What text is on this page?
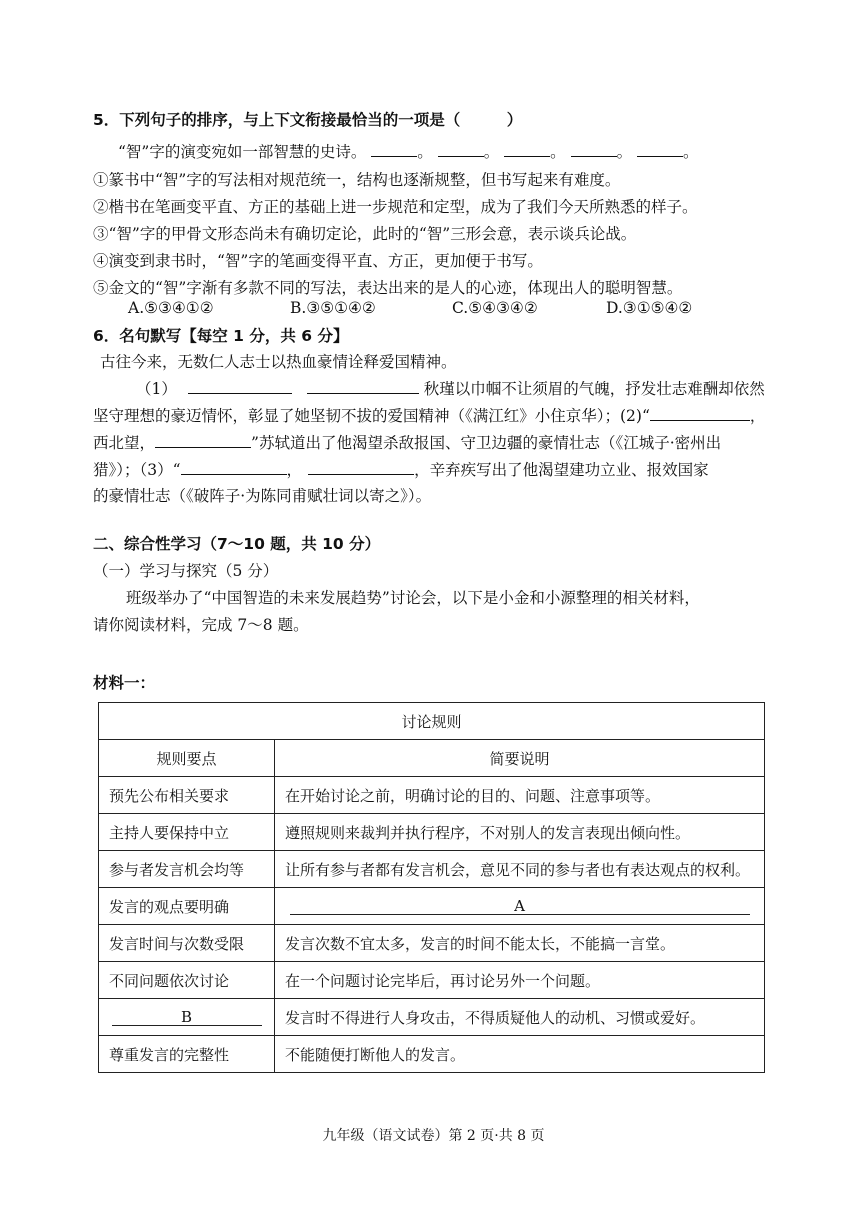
5．下列句子的排序，与上下文衔接最恰当的一项是（　　　）
“智”字的演变宛如一部智慧的史诗。	。	。	。	。	。
①篆书中“智”字的写法相对规范统一，结构也逐渐规整，但书写起来有难度。
②楷书在笔画变平直、方正的基础上进一步规范和定型，成为了我们今天所熟悉的样子。
③“智”字的甲骨文形态尚未有确切定论，此时的“智”三形会意，表示谈兵论战。
④演变到隶书时，“智”字的笔画变得平直、方正，更加便于书写。
⑤金文的“智”字渐有多款不同的写法，表达出来的是人的心迹，体现出人的聪明智慧。
A.⑤③④①②	B.③⑤①④②	C.⑤④③④②	D.③①⑤④②
6．名句默写【每空 1 分，共 6 分】
古往今来，无数仁人志士以热血豪情诠释爱国精神。
（1）	秋瑾以巾帼不让须眉的气魄，抒发壮志难酬却依然
坚守理想的豪迈情怀，彰显了她坚韧不拔的爱国精神（《满江红》小住京华）；(2)“	，
西北望，	”苏轼道出了他渴望杀敌报国、守卫边疆的豪情壮志（《江城子·密州出
猎》）；（3）“	，	，辛弃疾写出了他渴望建功立业、报效国家
的豪情壮志（《破阵子·为陈同甫赋壮词以寄之》）。
二、综合性学习（7～10 题，共 10 分）
（一）学习与探究（5 分）
班级举办了“中国智造的未来发展趋势”讨论会，以下是小金和小源整理的相关材料，
请你阅读材料，完成 7～8 题。
材料一：
讨论规则	
规则要点	简要说明
预先公布相关要求	在开始讨论之前，明确讨论的目的、问题、注意事项等。
主持人要保持中立	遵照规则来裁判并执行程序，不对别人的发言表现出倾向性。
参与者发言机会均等	让所有参与者都有发言机会，意见不同的参与者也有表达观点的权利。
发言的观点要明确	A

发言时间与次数受限	发言次数不宜太多，发言的时间不能太长，不能搞一言堂。
不同问题依次讨论	在一个问题讨论完毕后，再讨论另外一个问题。

B	发言时不得进行人身攻击，不得质疑他人的动机、习惯或爱好。
尊重发言的完整性	不能随便打断他人的发言。
九年级（语文试卷）第 2 页·共 8 页
